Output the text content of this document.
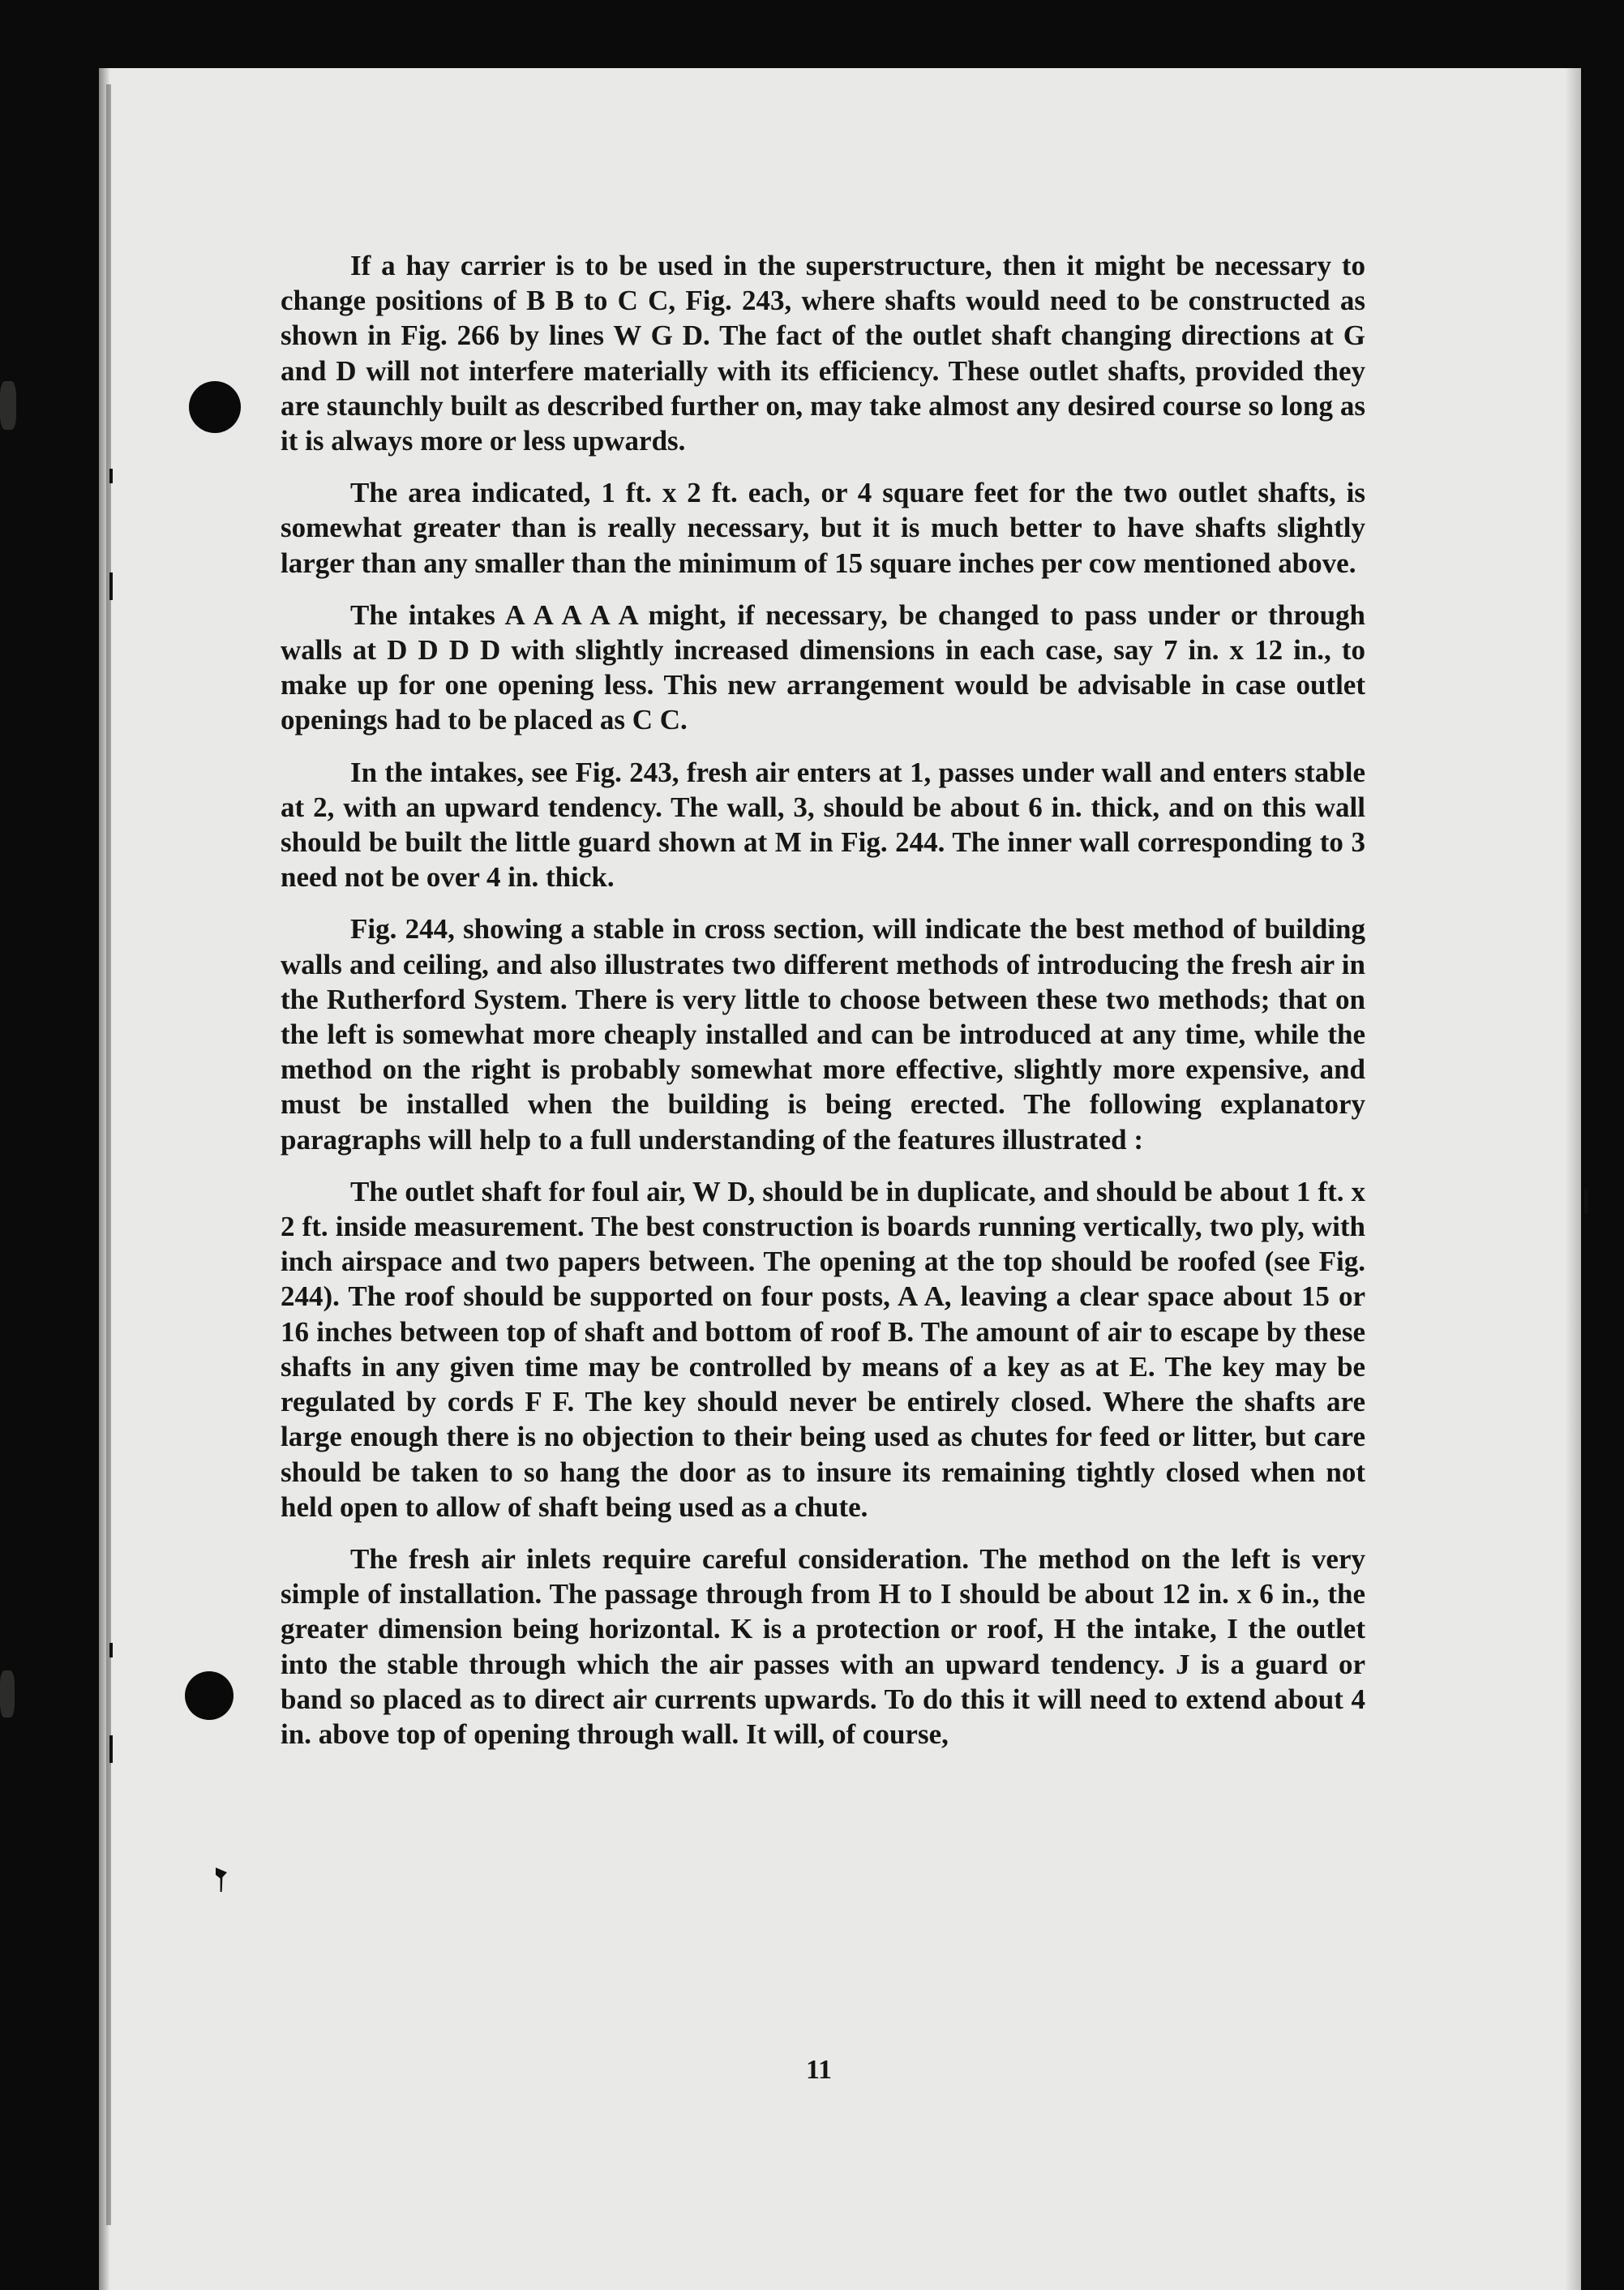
If a hay carrier is to be used in the superstructure, then it might be necessary to change positions of B B to C C, Fig. 243, where shafts would need to be constructed as shown in Fig. 266 by lines W G D. The fact of the outlet shaft changing directions at G and D will not interfere materially with its efficiency. These outlet shafts, provided they are staunchly built as described further on, may take almost any desired course so long as it is always more or less upwards.

The area indicated, 1 ft. x 2 ft. each, or 4 square feet for the two outlet shafts, is somewhat greater than is really necessary, but it is much better to have shafts slightly larger than any smaller than the minimum of 15 square inches per cow mentioned above.

The intakes A A A A A might, if necessary, be changed to pass under or through walls at D D D D with slightly increased dimensions in each case, say 7 in. x 12 in., to make up for one opening less. This new arrangement would be advisable in case outlet openings had to be placed as C C.

In the intakes, see Fig. 243, fresh air enters at 1, passes under wall and enters stable at 2, with an upward tendency. The wall, 3, should be about 6 in. thick, and on this wall should be built the little guard shown at M in Fig. 244. The inner wall corresponding to 3 need not be over 4 in. thick.

Fig. 244, showing a stable in cross section, will indicate the best method of building walls and ceiling, and also illustrates two different methods of introducing the fresh air in the Rutherford System. There is very little to choose between these two methods; that on the left is somewhat more cheaply installed and can be introduced at any time, while the method on the right is probably somewhat more effective, slightly more expensive, and must be installed when the building is being erected. The following explanatory paragraphs will help to a full understanding of the features illustrated :

The outlet shaft for foul air, W D, should be in duplicate, and should be about 1 ft. x 2 ft. inside measurement. The best construction is boards running vertically, two ply, with inch airspace and two papers between. The opening at the top should be roofed (see Fig. 244). The roof should be supported on four posts, A A, leaving a clear space about 15 or 16 inches between top of shaft and bottom of roof B. The amount of air to escape by these shafts in any given time may be controlled by means of a key as at E. The key may be regulated by cords F F. The key should never be entirely closed. Where the shafts are large enough there is no objection to their being used as chutes for feed or litter, but care should be taken to so hang the door as to insure its remaining tightly closed when not held open to allow of shaft being used as a chute.

The fresh air inlets require careful consideration. The method on the left is very simple of installation. The passage through from H to I should be about 12 in. x 6 in., the greater dimension being horizontal. K is a protection or roof, H the intake, I the outlet into the stable through which the air passes with an upward tendency. J is a guard or band so placed as to direct air currents upwards. To do this it will need to extend about 4 in. above top of opening through wall. It will, of course,

11
